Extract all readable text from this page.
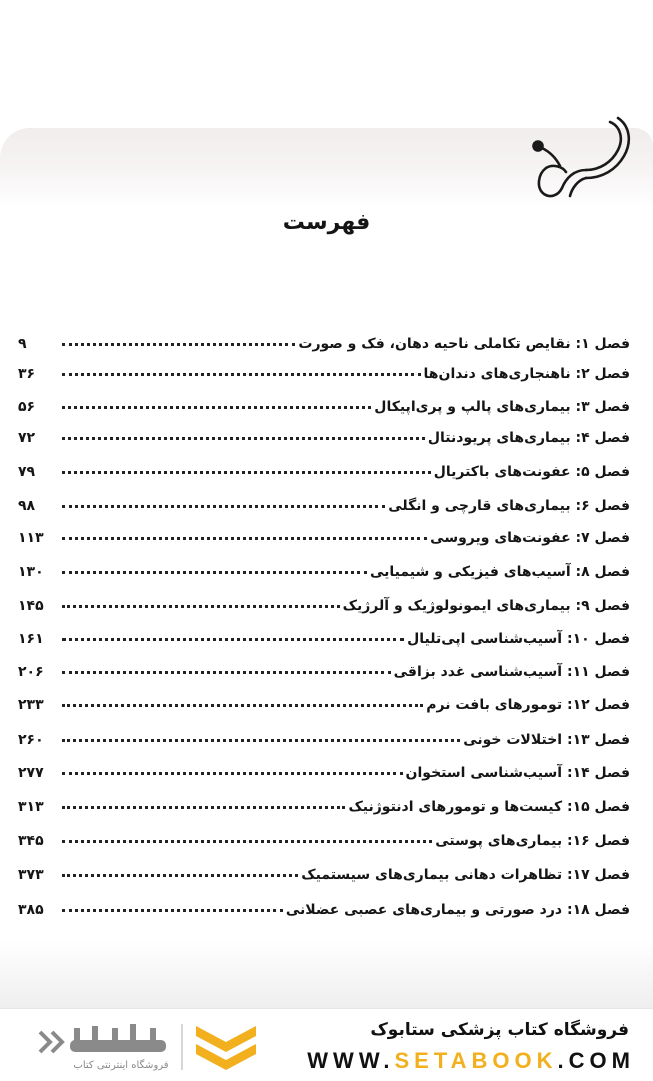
فهرست
فصل ۱: نقایص تکاملی ناحیه دهان، فک و صورت
۹
فصل ۲: ناهنجاری‌های دندان‌ها
۳۶
فصل ۳: بیماری‌های پالپ و پری‌اپیکال
۵۶
فصل ۴: بیماری‌های پریودنتال
۷۲
فصل ۵: عفونت‌های باکتریال
۷۹
فصل ۶: بیماری‌های قارچی و انگلی
۹۸
فصل ۷: عفونت‌های ویروسی
۱۱۳
فصل ۸: آسیب‌های فیزیکی و شیمیایی
۱۳۰
فصل ۹: بیماری‌های ایمونولوژیک و آلرژیک
۱۴۵
فصل ۱۰: آسیب‌شناسی اپی‌تلیال
۱۶۱
فصل ۱۱: آسیب‌شناسی غدد بزاقی
۲۰۶
فصل ۱۲: تومورهای بافت نرم
۲۳۳
فصل ۱۳: اختلالات خونی
۲۶۰
فصل ۱۴: آسیب‌شناسی استخوان
۲۷۷
فصل ۱۵: کیست‌ها و تومورهای ادنتوژنیک
۳۱۳
فصل ۱۶: بیماری‌های پوستی
۳۴۵
فصل ۱۷: تظاهرات دهانی بیماری‌های سیستمیک
۳۷۳
فصل ۱۸: درد صورتی و بیماری‌های عصبی عضلانی
۳۸۵
فروشگاه اینترنتی کتاب
فروشگاه کتاب پزشکی ستابوک
WWW.SETABOOK.COM
